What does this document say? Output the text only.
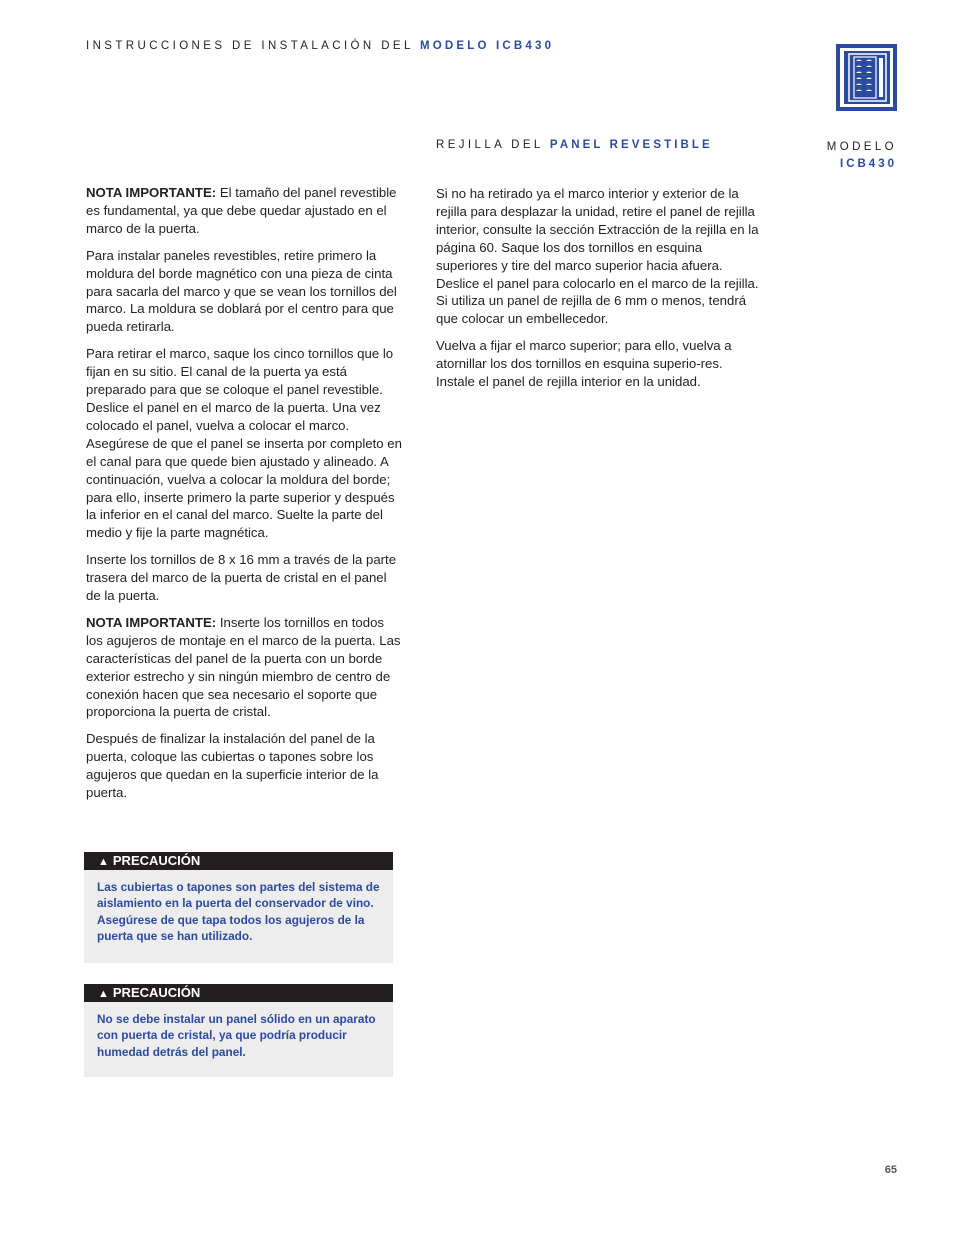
INSTRUCCIONES DE INSTALACIÓN DEL MODELO ICB430
REJILLA DEL PANEL REVESTIBLE	MODELO
ICB430

NOTA IMPORTANTE: El tamaño del panel revestible es fundamental, ya que debe quedar ajustado en el marco de la puerta.

Para instalar paneles revestibles, retire primero la moldura del borde magnético con una pieza de cinta para sacarla del marco y que se vean los tornillos del marco. La moldura se doblará por el centro para que pueda retirarla.

Para retirar el marco, saque los cinco tornillos que lo fijan en su sitio. El canal de la puerta ya está preparado para que se coloque el panel revestible. Deslice el panel en el marco de la puerta. Una vez colocado el panel, vuelva a colocar el marco. Asegúrese de que el panel se inserta por completo en el canal para que quede bien ajustado y alineado. A continuación, vuelva a colocar la moldura del borde; para ello, inserte primero la parte superior y después la inferior en el canal del marco. Suelte la parte del medio y fije la parte magnética.

Inserte los tornillos de 8 x 16 mm a través de la parte trasera del marco de la puerta de cristal en el panel de la puerta.

NOTA IMPORTANTE: Inserte los tornillos en todos los agujeros de montaje en el marco de la puerta. Las características del panel de la puerta con un borde exterior estrecho y sin ningún miembro de centro de conexión hacen que sea necesario el soporte que proporciona la puerta de cristal.

Después de finalizar la instalación del panel de la puerta, coloque las cubiertas o tapones sobre los agujeros que quedan en la superficie interior de la puerta.

Si no ha retirado ya el marco interior y exterior de la rejilla para desplazar la unidad, retire el panel de rejilla interior, consulte la sección Extracción de la rejilla en la página 60. Saque los dos tornillos en esquina superiores y tire del marco superior hacia afuera. Deslice el panel para colocarlo en el marco de la rejilla. Si utiliza un panel de rejilla de 6 mm o menos, tendrá que colocar un embellecedor.

Vuelva a fijar el marco superior; para ello, vuelva a atornillar los dos tornillos en esquina superio-res. Instale el panel de rejilla interior en la unidad.

▲ PRECAUCIÓN
Las cubiertas o tapones son partes del sistema de aislamiento en la puerta del conservador de vino. Asegúrese de que tapa todos los agujeros de la puerta que se han utilizado.
▲ PRECAUCIÓN
No se debe instalar un panel sólido en un aparato con puerta de cristal, ya que podría producir humedad detrás del panel.
65
